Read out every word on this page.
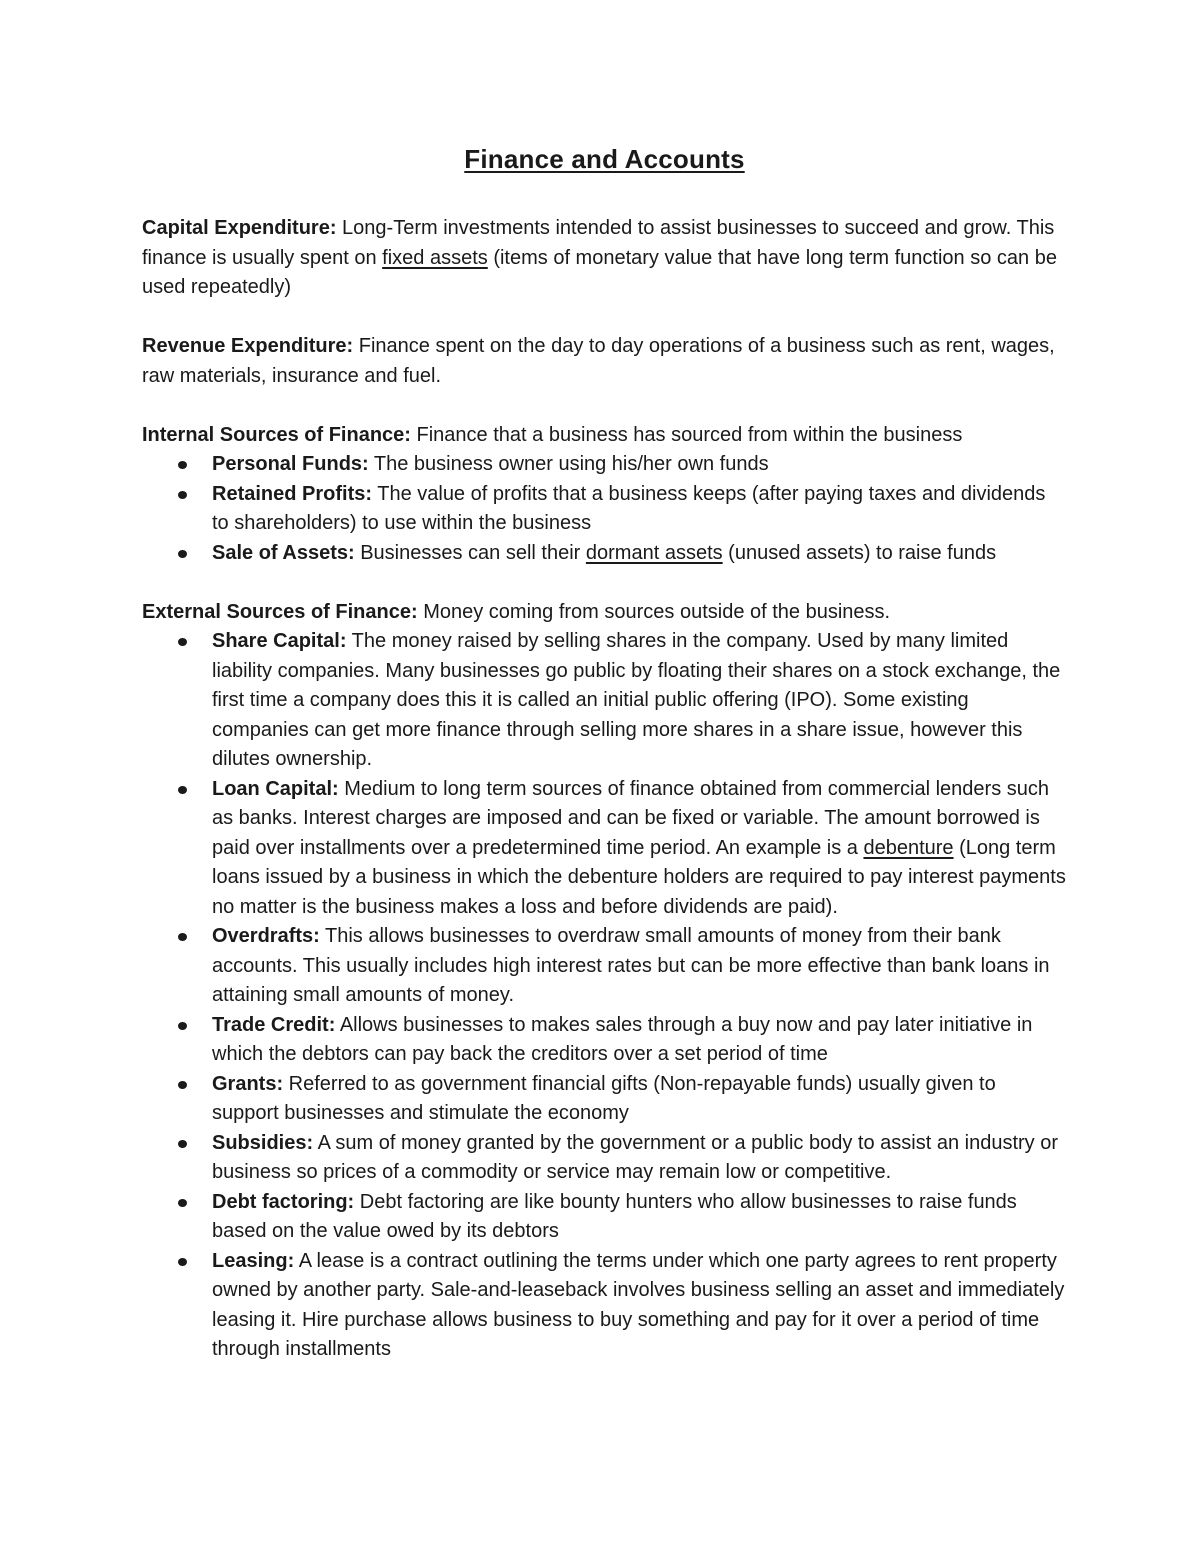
Finance and Accounts

Capital Expenditure: Long-Term investments intended to assist businesses to succeed and grow. This finance is usually spent on fixed assets (items of monetary value that have long term function so can be used repeatedly)

Revenue Expenditure: Finance spent on the day to day operations of a business such as rent, wages, raw materials, insurance and fuel.

Internal Sources of Finance: Finance that a business has sourced from within the business

Personal Funds: The business owner using his/her own funds
Retained Profits: The value of profits that a business keeps (after paying taxes and dividends to shareholders) to use within the business
Sale of Assets: Businesses can sell their dormant assets (unused assets) to raise funds

External Sources of Finance: Money coming from sources outside of the business.

Share Capital: The money raised by selling shares in the company. Used by many limited liability companies. Many businesses go public by floating their shares on a stock exchange, the first time a company does this it is called an initial public offering (IPO). Some existing companies can get more finance through selling more shares in a share issue, however this dilutes ownership.
Loan Capital: Medium to long term sources of finance obtained from commercial lenders such as banks. Interest charges are imposed and can be fixed or variable. The amount borrowed is paid over installments over a predetermined time period. An example is a debenture (Long term loans issued by a business in which the debenture holders are required to pay interest payments no matter is the business makes a loss and before dividends are paid).
Overdrafts: This allows businesses to overdraw small amounts of money from their bank accounts. This usually includes high interest rates but can be more effective than bank loans in attaining small amounts of money.
Trade Credit: Allows businesses to makes sales through a buy now and pay later initiative in which the debtors can pay back the creditors over a set period of time
Grants: Referred to as government financial gifts (Non-repayable funds) usually given to support businesses and stimulate the economy
Subsidies: A sum of money granted by the government or a public body to assist an industry or business so prices of a commodity or service may remain low or competitive.
Debt factoring: Debt factoring are like bounty hunters who allow businesses to raise funds based on the value owed by its debtors
Leasing: A lease is a contract outlining the terms under which one party agrees to rent property owned by another party. Sale-and-leaseback involves business selling an asset and immediately leasing it. Hire purchase allows business to buy something and pay for it over a period of time through installments
